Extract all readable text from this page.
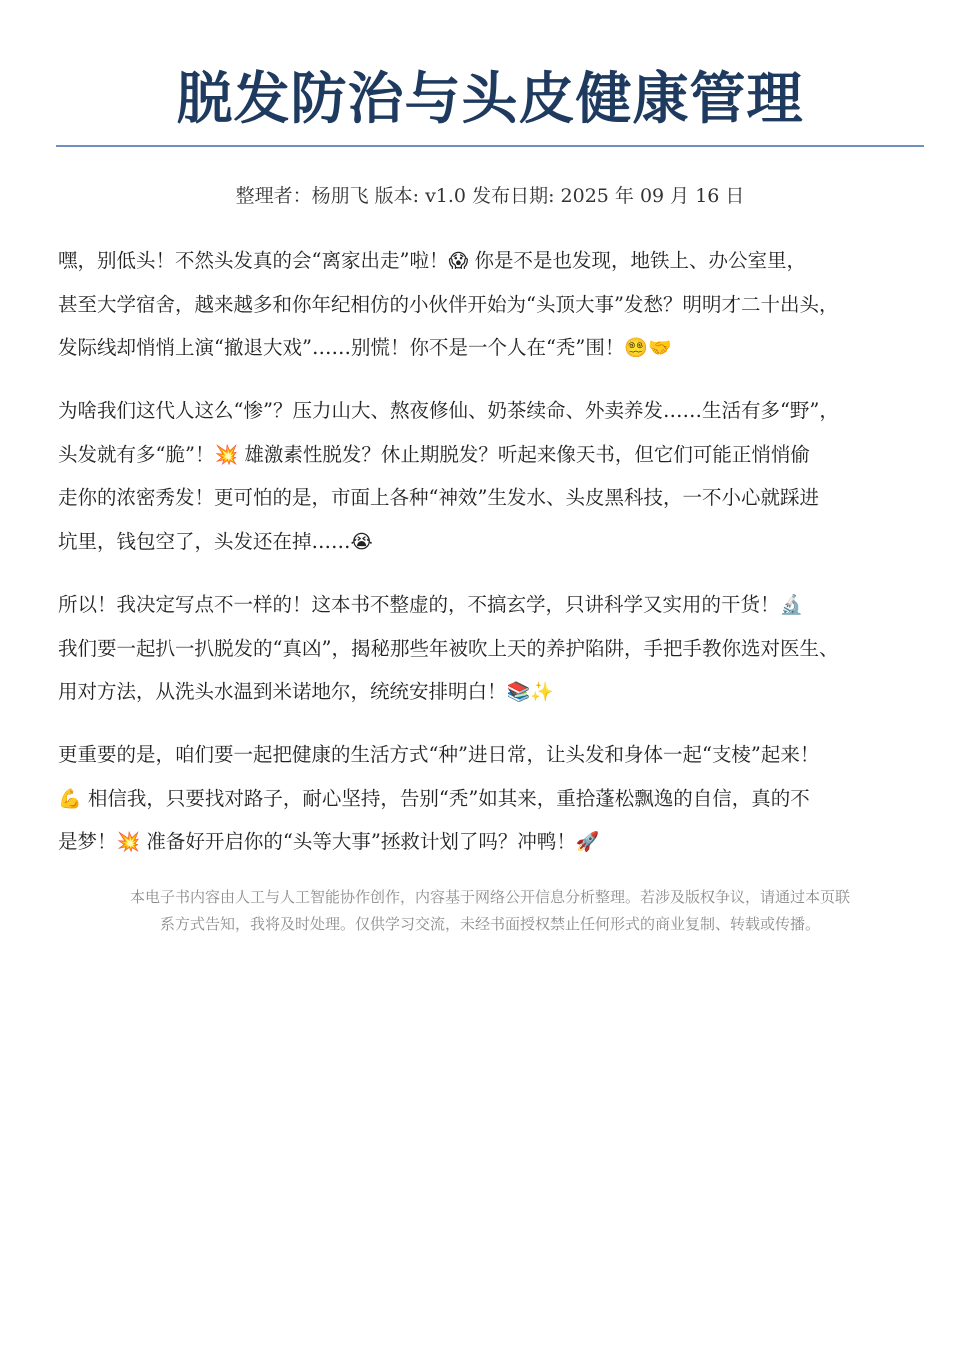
脱发防治与头皮健康管理
整理者：杨朋飞 版本: v1.0 发布日期: 2025 年 09 月 16 日

嘿，别低头！不然头发真的会“离家出走”啦！😱 你是不是也发现，地铁上、办公室里，
甚至大学宿舍，越来越多和你年纪相仿的小伙伴开始为“头顶大事”发愁？明明才二十出头，
发际线却悄悄上演“撤退大戏”……别慌！你不是一个人在“秃”围！😵‍💫🤝

为啥我们这代人这么“惨”？压力山大、熬夜修仙、奶茶续命、外卖养发……生活有多“野”，
头发就有多“脆”！💥 雄激素性脱发？休止期脱发？听起来像天书，但它们可能正悄悄偷
走你的浓密秀发！更可怕的是，市面上各种“神效”生发水、头皮黑科技，一不小心就踩进
坑里，钱包空了，头发还在掉……😭

所以！我决定写点不一样的！这本书不整虚的，不搞玄学，只讲科学又实用的干货！🔬
我们要一起扒一扒脱发的“真凶”，揭秘那些年被吹上天的养护陷阱，手把手教你选对医生、
用对方法，从洗头水温到米诺地尔，统统安排明白！📚✨

更重要的是，咱们要一起把健康的生活方式“种”进日常，让头发和身体一起“支棱”起来！
💪 相信我，只要找对路子，耐心坚持，告别“秃”如其来，重拾蓬松飘逸的自信，真的不
是梦！💥 准备好开启你的“头等大事”拯救计划了吗？冲鸭！🚀

本电子书内容由人工与人工智能协作创作，内容基于网络公开信息分析整理。若涉及版权争议，请通过本页联
系方式告知，我将及时处理。仅供学习交流，未经书面授权禁止任何形式的商业复制、转载或传播。
